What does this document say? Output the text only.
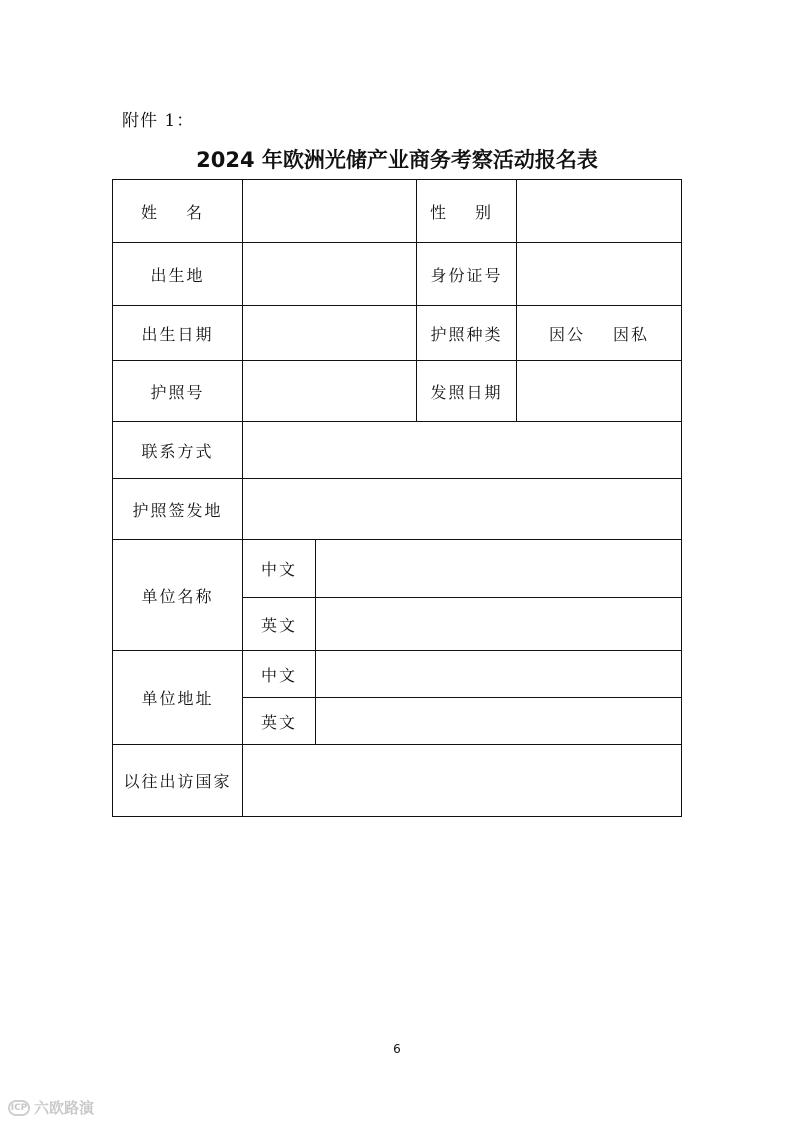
附件 1：
2024 年欧洲光储产业商务考察活动报名表
姓 名			性 别	
出生地			身份证号	
出生日期			护照种类	因公 因私
护照号			发照日期	
联系方式				
护照签发地				
单位名称	中文			
	英文			
单位地址	中文			
	英文			
以往出访国家				
6
ICP 六欧路演
